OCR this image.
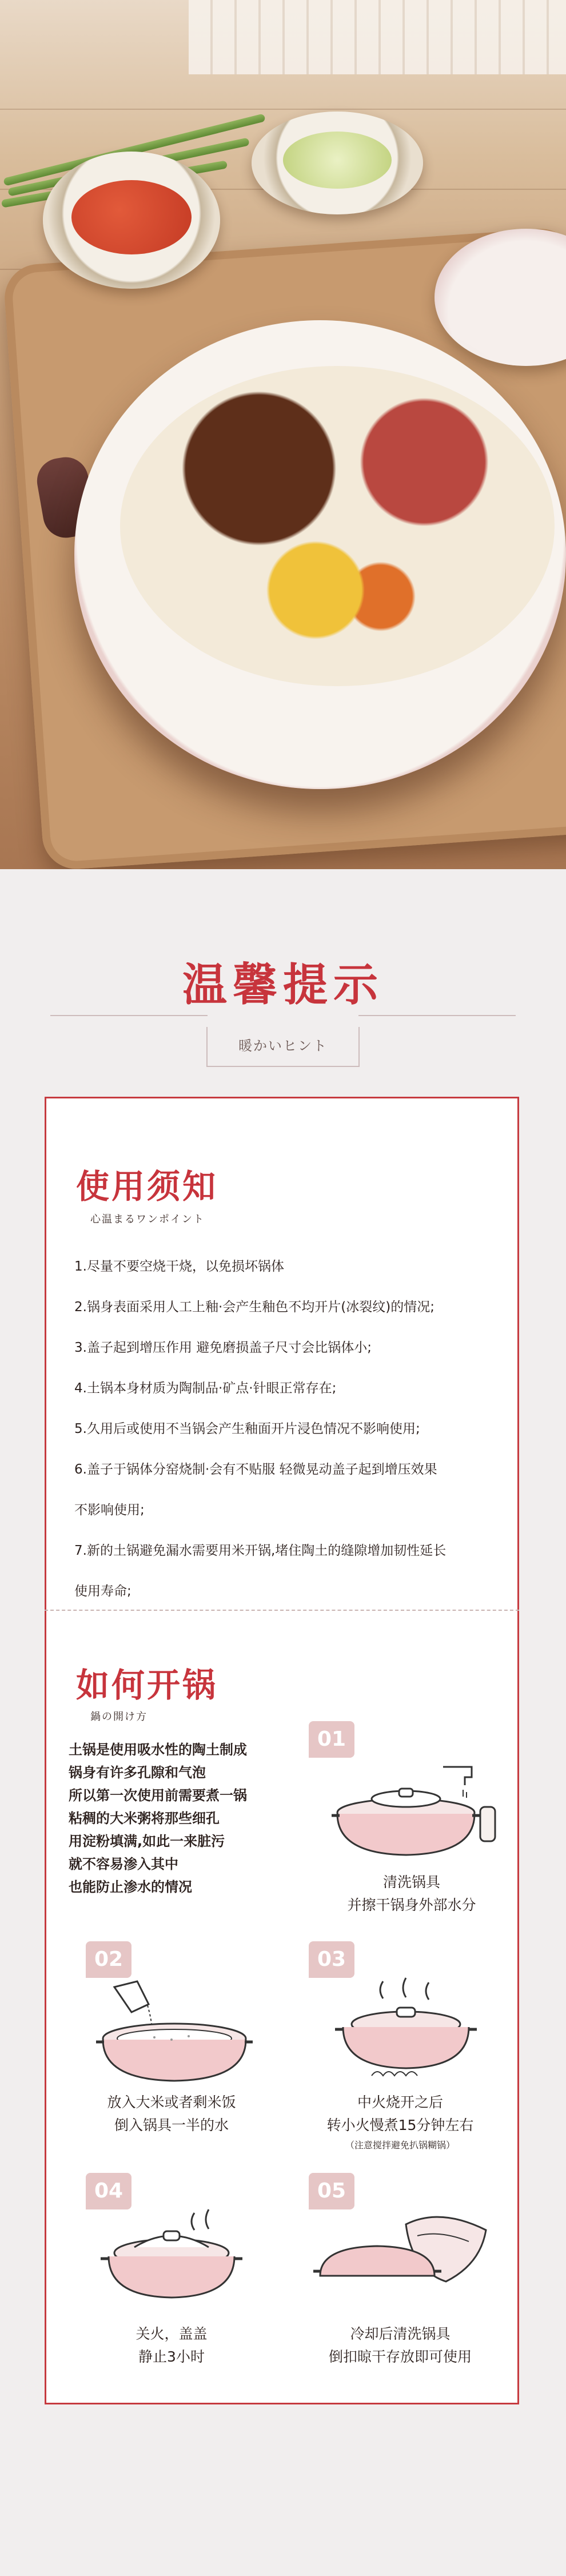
温馨提示
暖かいヒント
使用须知
心温まるワンポイント
1.尽量不要空烧干烧，以免损坏锅体
2.锅身表面采用人工上釉·会产生釉色不均开片(冰裂纹)的情况;
3.盖子起到增压作用 避免磨损盖子尺寸会比锅体小;
4.土锅本身材质为陶制品·矿点·针眼正常存在;
5.久用后或使用不当锅会产生釉面开片浸色情况不影响使用;
6.盖子于锅体分窑烧制·会有不贴服 轻微晃动盖子起到增压效果
不影响使用;
7.新的土锅避免漏水需要用米开锅,堵住陶土的缝隙增加韧性延长
使用寿命;
如何开锅
鍋の開け方

土锅是使用吸水性的陶土制成

锅身有许多孔隙和气泡

所以第一次使用前需要煮一锅

粘稠的大米粥将那些细孔

用淀粉填满,如此一来脏污

就不容易渗入其中

也能防止渗水的情况

01
清洗锅具
并擦干锅身外部水分
02
放入大米或者剩米饭
倒入锅具一半的水
03
中火烧开之后
转小火慢煮15分钟左右
（注意搅拌避免扒锅糊锅）
04
关火，盖盖
静止3小时
05
冷却后清洗锅具
倒扣晾干存放即可使用
